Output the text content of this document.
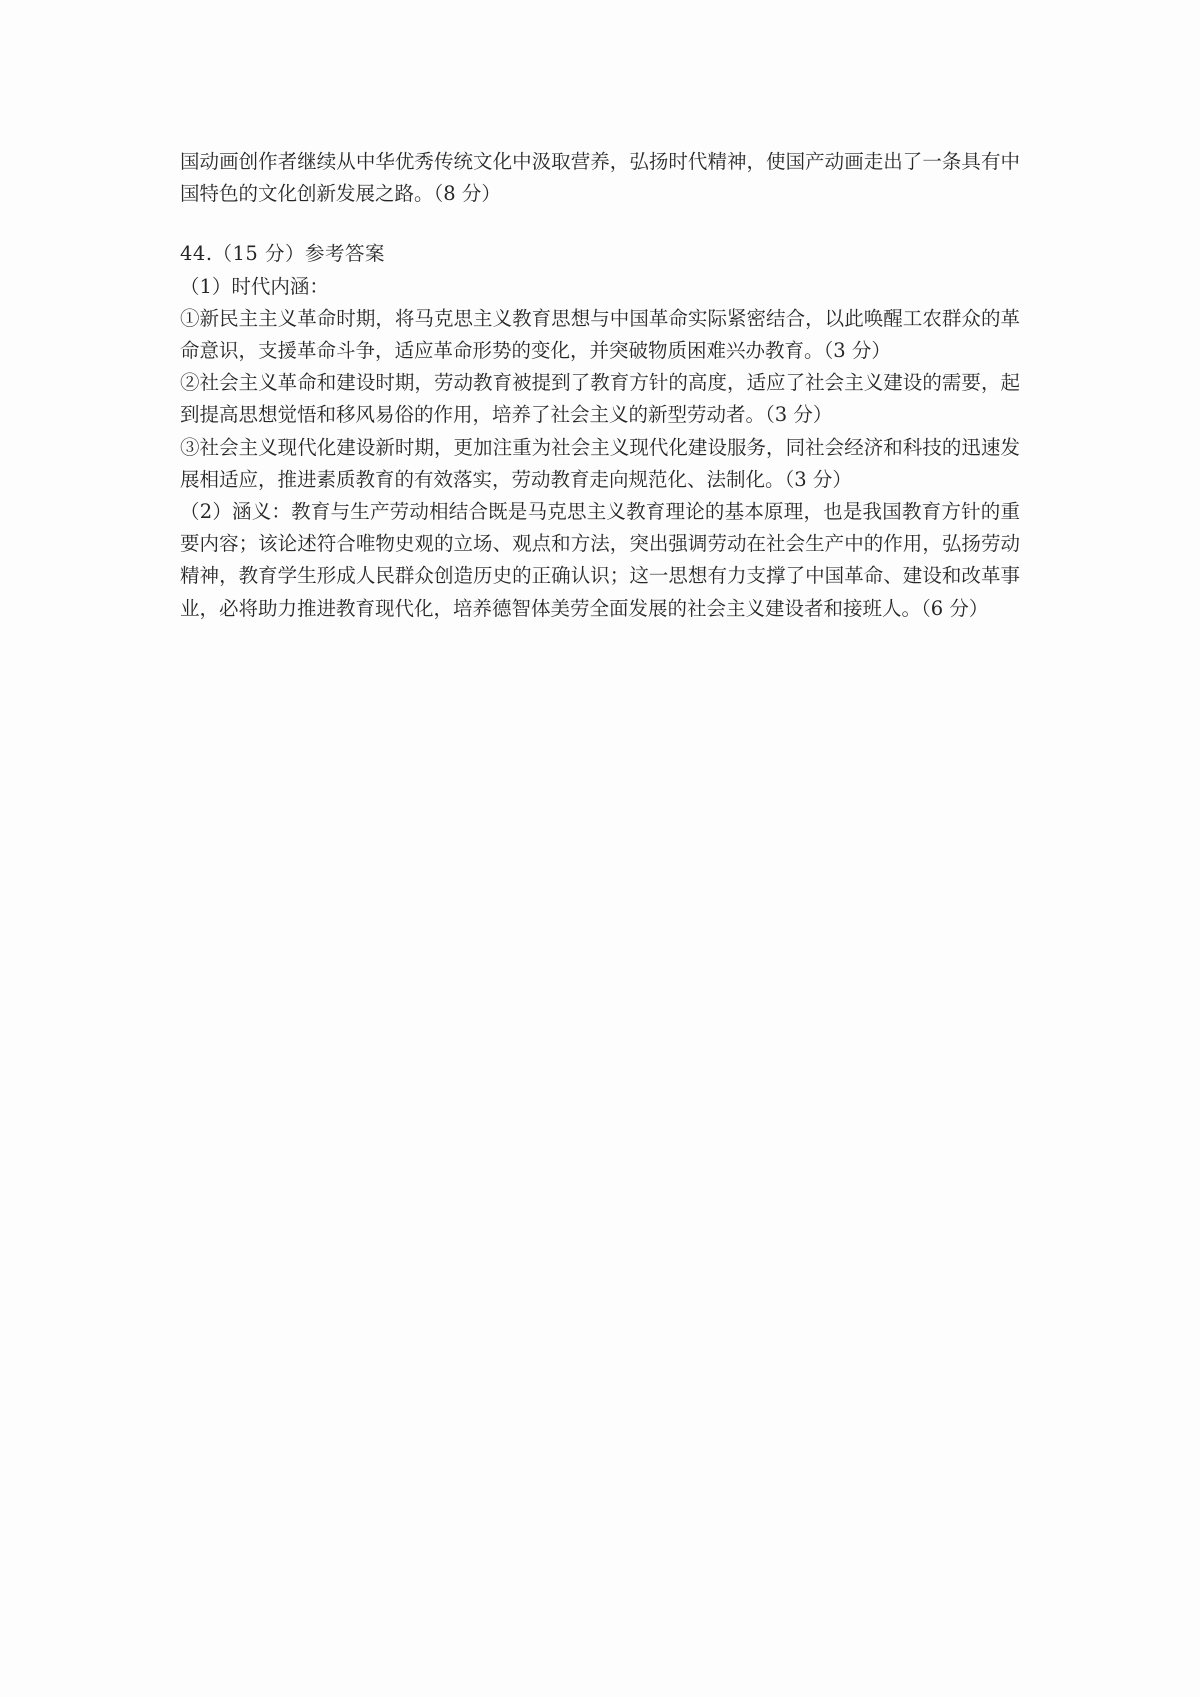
国动画创作者继续从中华优秀传统文化中汲取营养，弘扬时代精神，使国产动画走出了一条具有中国特色的文化创新发展之路。（8 分）

44.（15 分）参考答案

（1）时代内涵：

①新民主主义革命时期，将马克思主义教育思想与中国革命实际紧密结合，以此唤醒工农群众的革命意识，支援革命斗争，适应革命形势的变化，并突破物质困难兴办教育。（3 分）

②社会主义革命和建设时期，劳动教育被提到了教育方针的高度，适应了社会主义建设的需要，起到提高思想觉悟和移风易俗的作用，培养了社会主义的新型劳动者。（3 分）

③社会主义现代化建设新时期，更加注重为社会主义现代化建设服务，同社会经济和科技的迅速发展相适应，推进素质教育的有效落实，劳动教育走向规范化、法制化。（3 分）

（2）涵义：教育与生产劳动相结合既是马克思主义教育理论的基本原理，也是我国教育方针的重要内容；该论述符合唯物史观的立场、观点和方法，突出强调劳动在社会生产中的作用，弘扬劳动精神，教育学生形成人民群众创造历史的正确认识；这一思想有力支撑了中国革命、建设和改革事业，必将助力推进教育现代化，培养德智体美劳全面发展的社会主义建设者和接班人。（6 分）
